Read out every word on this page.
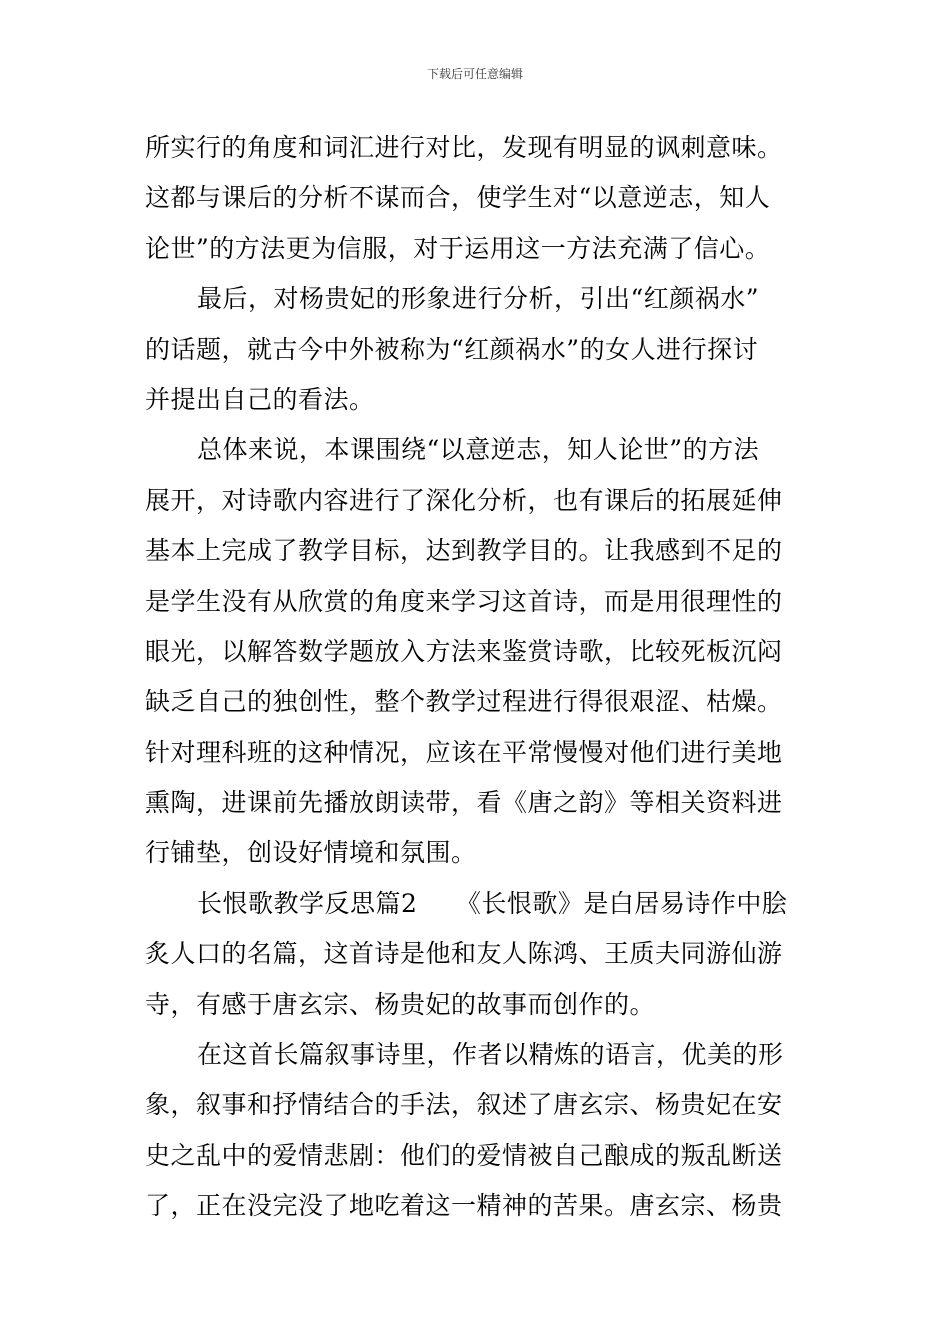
下载后可任意编辑
所实行的角度和词汇进行对比，发现有明显的讽刺意味。
这都与课后的分析不谋而合，使学生对“以意逆志，知人
论世”的方法更为信服，对于运用这一方法充满了信心。
最后，对杨贵妃的形象进行分析，引出“红颜祸水”
的话题，就古今中外被称为“红颜祸水”的女人进行探讨
并提出自己的看法。
总体来说，本课围绕“以意逆志，知人论世”的方法
展开，对诗歌内容进行了深化分析，也有课后的拓展延伸
基本上完成了教学目标，达到教学目的。让我感到不足的
是学生没有从欣赏的角度来学习这首诗，而是用很理性的
眼光，以解答数学题放入方法来鉴赏诗歌，比较死板沉闷
缺乏自己的独创性，整个教学过程进行得很艰涩、枯燥。
针对理科班的这种情况，应该在平常慢慢对他们进行美地
熏陶，进课前先播放朗读带，看《唐之韵》等相关资料进
行铺垫，创设好情境和氛围。
长恨歌教学反思篇2　　《长恨歌》是白居易诗作中脍
炙人口的名篇，这首诗是他和友人陈鸿、王质夫同游仙游
寺，有感于唐玄宗、杨贵妃的故事而创作的。
在这首长篇叙事诗里，作者以精炼的语言，优美的形
象，叙事和抒情结合的手法，叙述了唐玄宗、杨贵妃在安
史之乱中的爱情悲剧：他们的爱情被自己酿成的叛乱断送
了，正在没完没了地吃着这一精神的苦果。唐玄宗、杨贵
